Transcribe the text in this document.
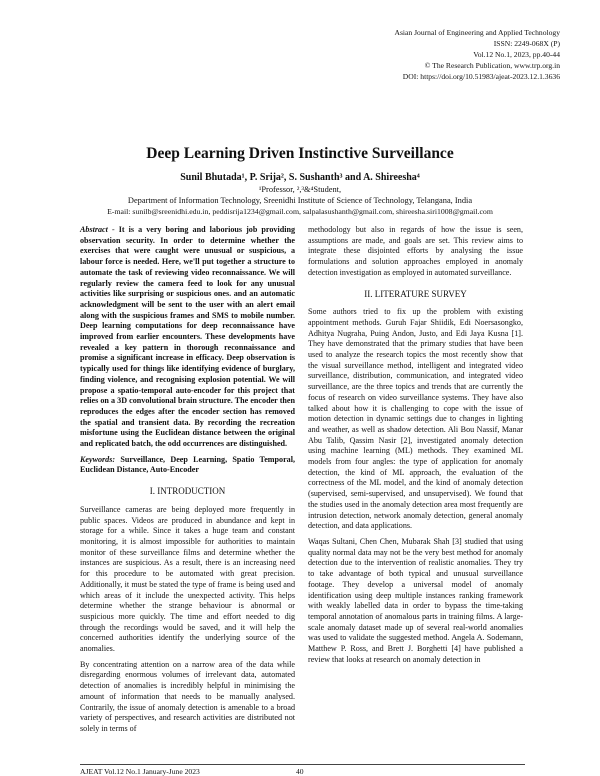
Asian Journal of Engineering and Applied Technology
ISSN: 2249-068X (P)
Vol.12 No.1, 2023, pp.40-44
© The Research Publication, www.trp.org.in
DOI: https://doi.org/10.51983/ajeat-2023.12.1.3636
Deep Learning Driven Instinctive Surveillance
Sunil Bhutada¹, P. Srija², S. Sushanth³ and A. Shireesha⁴
¹Professor, ²,³&⁴Student,
Department of Information Technology, Sreenidhi Institute of Science of Technology, Telangana, India
E-mail: sunilb@sreenidhi.edu.in, peddisrija1234@gmail.com, salpalasushanth@gmail.com, shireesha.siri1008@gmail.com

Abstract - It is a very boring and laborious job providing observation security. In order to determine whether the exercises that were caught were unusual or suspicious, a labour force is needed. Here, we'll put together a structure to automate the task of reviewing video reconnaissance. We will regularly review the camera feed to look for any unusual activities like surprising or suspicious ones. and an automatic acknowledgment will be sent to the user with an alert email along with the suspicious frames and SMS to mobile number. Deep learning computations for deep reconnaissance have improved from earlier encounters. These developments have revealed a key pattern in thorough reconnaissance and promise a significant increase in efficacy. Deep observation is typically used for things like identifying evidence of burglary, finding violence, and recognising explosion potential. We will propose a spatio-temporal auto-encoder for this project that relies on a 3D convolutional brain structure. The encoder then reproduces the edges after the encoder section has removed the spatial and transient data. By recording the recreation misfortune using the Euclidean distance between the original and replicated batch, the odd occurrences are distinguished.

Keywords: Surveillance, Deep Learning, Spatio Temporal, Euclidean Distance, Auto-Encoder

I. INTRODUCTION

Surveillance cameras are being deployed more frequently in public spaces. Videos are produced in abundance and kept in storage for a while. Since it takes a huge team and constant monitoring, it is almost impossible for authorities to maintain monitor of these surveillance films and determine whether the instances are suspicious. As a result, there is an increasing need for this procedure to be automated with great precision. Additionally, it must be stated the type of frame is being used and which areas of it include the unexpected activity. This helps determine whether the strange behaviour is abnormal or suspicious more quickly. The time and effort needed to dig through the recordings would be saved, and it will help the concerned authorities identify the underlying source of the anomalies.

By concentrating attention on a narrow area of the data while disregarding enormous volumes of irrelevant data, automated detection of anomalies is incredibly helpful in minimising the amount of information that needs to be manually analysed. Contrarily, the issue of anomaly detection is amenable to a broad variety of perspectives, and research activities are distributed not solely in terms of

methodology but also in regards of how the issue is seen, assumptions are made, and goals are set. This review aims to integrate these disjointed efforts by analysing the issue formulations and solution approaches employed in anomaly detection investigation as employed in automated surveillance.

II. LITERATURE SURVEY

Some authors tried to fix up the problem with existing appointment methods. Guruh Fajar Shiidik, Edi Noersasongko, Adhitya Nugraha, Puing Andon, Justo, and Edi Jaya Kusna [1]. They have demonstrated that the primary studies that have been used to analyze the research topics the most recently show that the visual surveillance method, intelligent and integrated video surveillance, distribution, communication, and integrated video surveillance, are the three topics and trends that are currently the focus of research on video surveillance systems. They have also talked about how it is challenging to cope with the issue of motion detection in dynamic settings due to changes in lighting and weather, as well as shadow detection. Ali Bou Nassif, Manar Abu Talib, Qassim Nasir [2], investigated anomaly detection using machine learning (ML) methods. They examined ML models from four angles: the type of application for anomaly detection, the kind of ML approach, the evaluation of the correctness of the ML model, and the kind of anomaly detection (supervised, semi-supervised, and unsupervised). We found that the studies used in the anomaly detection area most frequently are intrusion detection, network anomaly detection, general anomaly detection, and data applications.

Waqas Sultani, Chen Chen, Mubarak Shah [3] studied that using quality normal data may not be the very best method for anomaly detection due to the intervention of realistic anomalies. They try to take advantage of both typical and unusual surveillance footage. They develop a universal model of anomaly identification using deep multiple instances ranking framework with weakly labelled data in order to bypass the time-taking temporal annotation of anomalous parts in training films. A large-scale anomaly dataset made up of several real-world anomalies was used to validate the suggested method. Angela A. Sodemann, Matthew P. Ross, and Brett J. Borghetti [4] have published a review that looks at research on anomaly detection in

AJEAT Vol.12 No.1 January-June 2023	40
